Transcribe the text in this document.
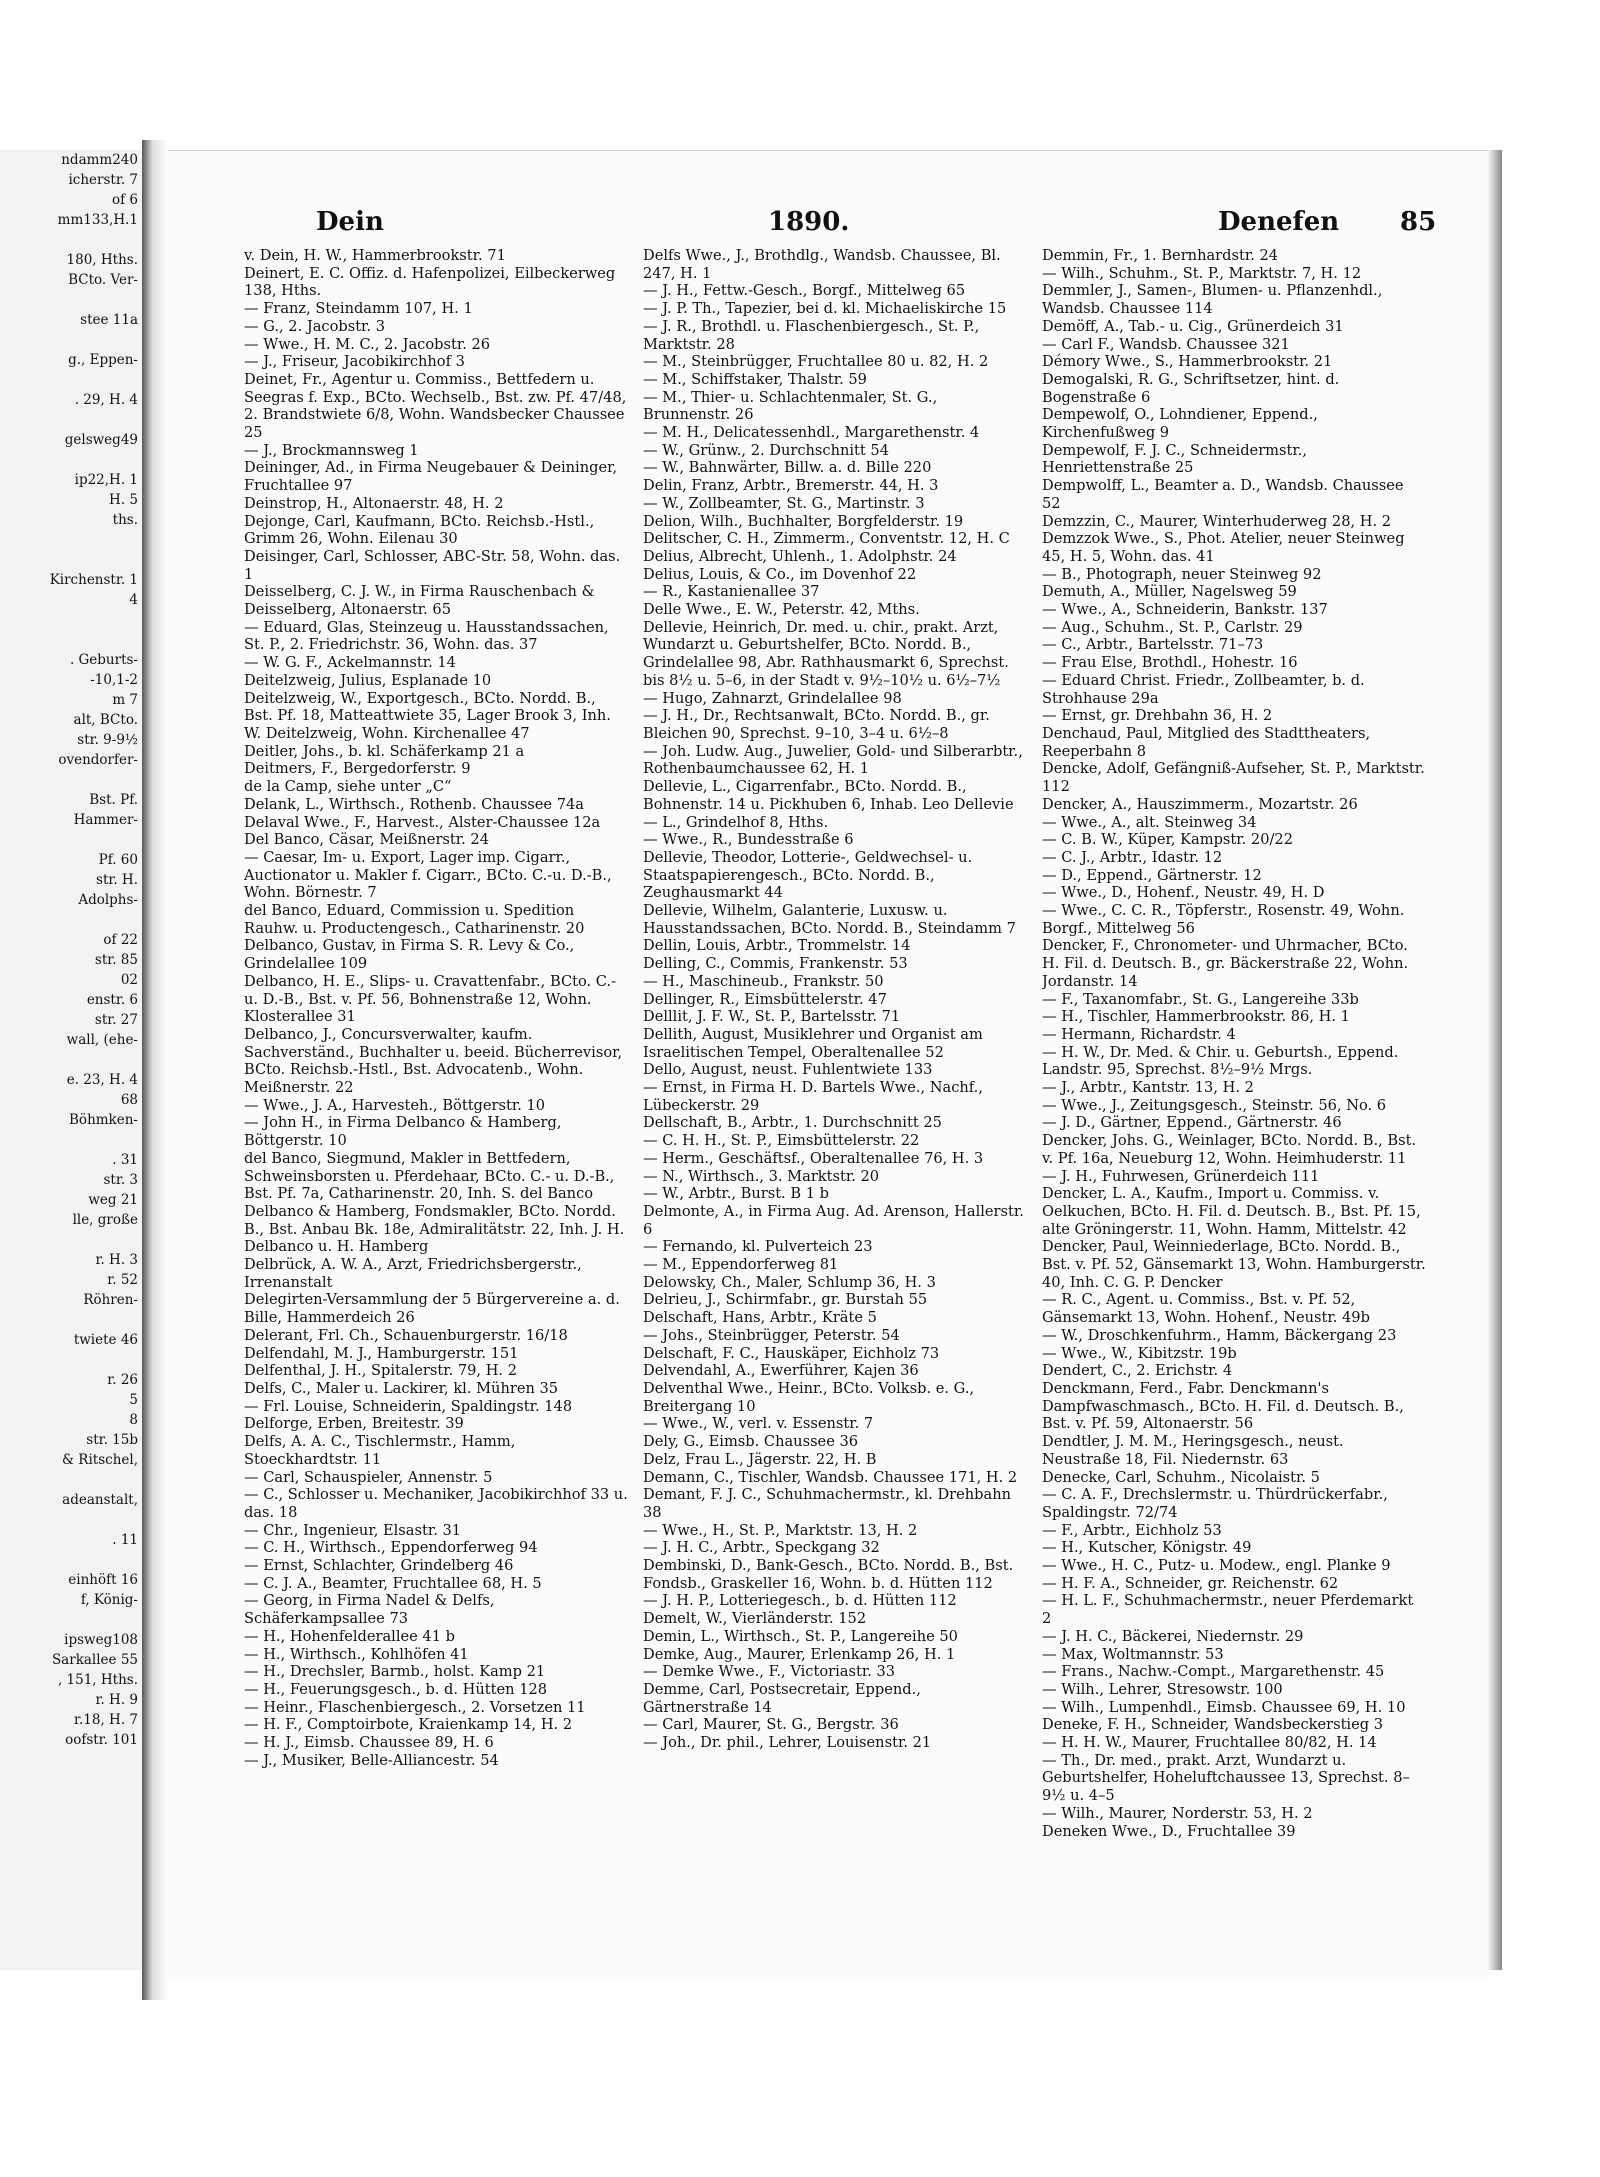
ndamm240
icherstr. 7
of 6
mm133,H.1
180, Hths.
BCto. Ver-
stee 11a
g., Eppen-
. 29, H. 4
gelsweg49
ip22,H. 1
H. 5
ths.
Kirchenstr. 1
4
. Geburts-
-10,1-2
m 7
alt, BCto.
str. 9-9½
ovendorfer-
Bst. Pf.
Hammer-
Pf. 60
str. H.
Adolphs-
of 22
str. 85
02
enstr. 6
str. 27
wall, (ehe-
e. 23, H. 4
68
Böhmken-
. 31
str. 3
weg 21
lle, große
r. H. 3
r. 52
Röhren-
twiete 46
r. 26
5
8
str. 15b
& Ritschel,
adeanstalt,
. 11
einhöft 16
f, König-
ipsweg108
Sarkallee 55
, 151, Hths.
r. H. 9
r.18, H. 7
oofstr. 101
Dein	1890.	Denefen 85

v. Dein, H. W., Hammerbrookstr. 71

Deinert, E. C. Offiz. d. Hafenpolizei, Eilbeckerweg 138, Hths.

— Franz, Steindamm 107, H. 1

— G., 2. Jacobstr. 3

— Wwe., H. M. C., 2. Jacobstr. 26

— J., Friseur, Jacobikirchhof 3

Deinet, Fr., Agentur u. Commiss., Bettfedern u. Seegras f. Exp., BCto. Wechselb., Bst. zw. Pf. 47/48, 2. Brandstwiete 6/8, Wohn. Wandsbecker Chaussee 25

— J., Brockmannsweg 1

Deininger, Ad., in Firma Neugebauer & Deininger, Fruchtallee 97

Deinstrop, H., Altonaerstr. 48, H. 2

Dejonge, Carl, Kaufmann, BCto. Reichsb.-Hstl., Grimm 26, Wohn. Eilenau 30

Deisinger, Carl, Schlosser, ABC-Str. 58, Wohn. das. 1

Deisselberg, C. J. W., in Firma Rauschenbach & Deisselberg, Altonaerstr. 65

— Eduard, Glas, Steinzeug u. Hausstandssachen, St. P., 2. Friedrichstr. 36, Wohn. das. 37

— W. G. F., Ackelmannstr. 14

Deitelzweig, Julius, Esplanade 10

Deitelzweig, W., Exportgesch., BCto. Nordd. B., Bst. Pf. 18, Matteattwiete 35, Lager Brook 3, Inh. W. Deitelzweig, Wohn. Kirchenallee 47

Deitler, Johs., b. kl. Schäferkamp 21 a

Deitmers, F., Bergedorferstr. 9

de la Camp, siehe unter „C“

Delank, L., Wirthsch., Rothenb. Chaussee 74a

Delaval Wwe., F., Harvest., Alster-Chaussee 12a

Del Banco, Cäsar, Meißnerstr. 24

— Caesar, Im- u. Export, Lager imp. Cigarr., Auctionator u. Makler f. Cigarr., BCto. C.-u. D.-B., Wohn. Börnestr. 7

del Banco, Eduard, Commission u. Spedition Rauhw. u. Productengesch., Catharinenstr. 20

Delbanco, Gustav, in Firma S. R. Levy & Co., Grindelallee 109

Delbanco, H. E., Slips- u. Cravattenfabr., BCto. C.-u. D.-B., Bst. v. Pf. 56, Bohnenstraße 12, Wohn. Klosterallee 31

Delbanco, J., Concursverwalter, kaufm. Sachverständ., Buchhalter u. beeid. Bücherrevisor, BCto. Reichsb.-Hstl., Bst. Advocatenb., Wohn. Meißnerstr. 22

— Wwe., J. A., Harvesteh., Böttgerstr. 10

— John H., in Firma Delbanco & Hamberg, Böttgerstr. 10

del Banco, Siegmund, Makler in Bettfedern, Schweinsborsten u. Pferdehaar, BCto. C.- u. D.-B., Bst. Pf. 7a, Catharinenstr. 20, Inh. S. del Banco

Delbanco & Hamberg, Fondsmakler, BCto. Nordd. B., Bst. Anbau Bk. 18e, Admiralitätstr. 22, Inh. J. H. Delbanco u. H. Hamberg

Delbrück, A. W. A., Arzt, Friedrichsbergerstr., Irrenanstalt

Delegirten-Versammlung der 5 Bürgervereine a. d. Bille, Hammerdeich 26

Delerant, Frl. Ch., Schauenburgerstr. 16/18

Delfendahl, M. J., Hamburgerstr. 151

Delfenthal, J. H., Spitalerstr. 79, H. 2

Delfs, C., Maler u. Lackirer, kl. Mühren 35

— Frl. Louise, Schneiderin, Spaldingstr. 148

Delforge, Erben, Breitestr. 39

Delfs, A. A. C., Tischlermstr., Hamm, Stoeckhardtstr. 11

— Carl, Schauspieler, Annenstr. 5

— C., Schlosser u. Mechaniker, Jacobikirchhof 33 u. das. 18

— Chr., Ingenieur, Elsastr. 31

— C. H., Wirthsch., Eppendorferweg 94

— Ernst, Schlachter, Grindelberg 46

— C. J. A., Beamter, Fruchtallee 68, H. 5

— Georg, in Firma Nadel & Delfs, Schäferkampsallee 73

— H., Hohenfelderallee 41 b

— H., Wirthsch., Kohlhöfen 41

— H., Drechsler, Barmb., holst. Kamp 21

— H., Feuerungsgesch., b. d. Hütten 128

— Heinr., Flaschenbiergesch., 2. Vorsetzen 11

— H. F., Comptoirbote, Kraienkamp 14, H. 2

— H. J., Eimsb. Chaussee 89, H. 6

— J., Musiker, Belle-Alliancestr. 54

Delfs Wwe., J., Brothdlg., Wandsb. Chaussee, Bl. 247, H. 1

— J. H., Fettw.-Gesch., Borgf., Mittelweg 65

— J. P. Th., Tapezier, bei d. kl. Michaeliskirche 15

— J. R., Brothdl. u. Flaschenbiergesch., St. P., Marktstr. 28

— M., Steinbrügger, Fruchtallee 80 u. 82, H. 2

— M., Schiffstaker, Thalstr. 59

— M., Thier- u. Schlachtenmaler, St. G., Brunnenstr. 26

— M. H., Delicatessenhdl., Margarethenstr. 4

— W., Grünw., 2. Durchschnitt 54

— W., Bahnwärter, Billw. a. d. Bille 220

Delin, Franz, Arbtr., Bremerstr. 44, H. 3

— W., Zollbeamter, St. G., Martinstr. 3

Delion, Wilh., Buchhalter, Borgfelderstr. 19

Delitscher, C. H., Zimmerm., Conventstr. 12, H. C

Delius, Albrecht, Uhlenh., 1. Adolphstr. 24

Delius, Louis, & Co., im Dovenhof 22

— R., Kastanienallee 37

Delle Wwe., E. W., Peterstr. 42, Mths.

Dellevie, Heinrich, Dr. med. u. chir., prakt. Arzt, Wundarzt u. Geburtshelfer, BCto. Nordd. B., Grindelallee 98, Abr. Rathhausmarkt 6, Sprechst. bis 8½ u. 5–6, in der Stadt v. 9½–10½ u. 6½–7½

— Hugo, Zahnarzt, Grindelallee 98

— J. H., Dr., Rechtsanwalt, BCto. Nordd. B., gr. Bleichen 90, Sprechst. 9–10, 3–4 u. 6½–8

— Joh. Ludw. Aug., Juwelier, Gold- und Silberarbtr., Rothenbaumchaussee 62, H. 1

Dellevie, L., Cigarrenfabr., BCto. Nordd. B., Bohnenstr. 14 u. Pickhuben 6, Inhab. Leo Dellevie

— L., Grindelhof 8, Hths.

— Wwe., R., Bundesstraße 6

Dellevie, Theodor, Lotterie-, Geldwechsel- u. Staatspapierengesch., BCto. Nordd. B., Zeughausmarkt 44

Dellevie, Wilhelm, Galanterie, Luxusw. u. Hausstandssachen, BCto. Nordd. B., Steindamm 7

Dellin, Louis, Arbtr., Trommelstr. 14

Delling, C., Commis, Frankenstr. 53

— H., Maschineub., Frankstr. 50

Dellinger, R., Eimsbüttelerstr. 47

Delllit, J. F. W., St. P., Bartelsstr. 71

Dellith, August, Musiklehrer und Organist am Israelitischen Tempel, Oberaltenallee 52

Dello, August, neust. Fuhlentwiete 133

— Ernst, in Firma H. D. Bartels Wwe., Nachf., Lübeckerstr. 29

Dellschaft, B., Arbtr., 1. Durchschnitt 25

— C. H. H., St. P., Eimsbüttelerstr. 22

— Herm., Geschäftsf., Oberaltenallee 76, H. 3

— N., Wirthsch., 3. Marktstr. 20

— W., Arbtr., Burst. B 1 b

Delmonte, A., in Firma Aug. Ad. Arenson, Hallerstr. 6

— Fernando, kl. Pulverteich 23

— M., Eppendorferweg 81

Delowsky, Ch., Maler, Schlump 36, H. 3

Delrieu, J., Schirmfabr., gr. Burstah 55

Delschaft, Hans, Arbtr., Kräte 5

— Johs., Steinbrügger, Peterstr. 54

Delschaft, F. C., Hauskäper, Eichholz 73

Delvendahl, A., Ewerführer, Kajen 36

Delventhal Wwe., Heinr., BCto. Volksb. e. G., Breitergang 10

— Wwe., W., verl. v. Essenstr. 7

Dely, G., Eimsb. Chaussee 36

Delz, Frau L., Jägerstr. 22, H. B

Demann, C., Tischler, Wandsb. Chaussee 171, H. 2

Demant, F. J. C., Schuhmachermstr., kl. Drehbahn 38

— Wwe., H., St. P., Marktstr. 13, H. 2

— J. H. C., Arbtr., Speckgang 32

Dembinski, D., Bank-Gesch., BCto. Nordd. B., Bst. Fondsb., Graskeller 16, Wohn. b. d. Hütten 112

— J. H. P., Lotteriegesch., b. d. Hütten 112

Demelt, W., Vierländerstr. 152

Demin, L., Wirthsch., St. P., Langereihe 50

Demke, Aug., Maurer, Erlenkamp 26, H. 1

— Demke Wwe., F., Victoriastr. 33

Demme, Carl, Postsecretair, Eppend., Gärtnerstraße 14

— Carl, Maurer, St. G., Bergstr. 36

— Joh., Dr. phil., Lehrer, Louisenstr. 21

Demmin, Fr., 1. Bernhardstr. 24

— Wilh., Schuhm., St. P., Marktstr. 7, H. 12

Demmler, J., Samen-, Blumen- u. Pflanzenhdl., Wandsb. Chaussee 114

Demöff, A., Tab.- u. Cig., Grünerdeich 31

— Carl F., Wandsb. Chaussee 321

Démory Wwe., S., Hammerbrookstr. 21

Demogalski, R. G., Schriftsetzer, hint. d. Bogenstraße 6

Dempewolf, O., Lohndiener, Eppend., Kirchenfußweg 9

Dempewolf, F. J. C., Schneidermstr., Henriettenstraße 25

Dempwolff, L., Beamter a. D., Wandsb. Chaussee 52

Demzzin, C., Maurer, Winterhuderweg 28, H. 2

Demzzok Wwe., S., Phot. Atelier, neuer Steinweg 45, H. 5, Wohn. das. 41

— B., Photograph, neuer Steinweg 92

Demuth, A., Müller, Nagelsweg 59

— Wwe., A., Schneiderin, Bankstr. 137

— Aug., Schuhm., St. P., Carlstr. 29

— C., Arbtr., Bartelsstr. 71–73

— Frau Else, Brothdl., Hohestr. 16

— Eduard Christ. Friedr., Zollbeamter, b. d. Strohhause 29a

— Ernst, gr. Drehbahn 36, H. 2

Denchaud, Paul, Mitglied des Stadttheaters, Reeperbahn 8

Dencke, Adolf, Gefängniß-Aufseher, St. P., Marktstr. 112

Dencker, A., Hauszimmerm., Mozartstr. 26

— Wwe., A., alt. Steinweg 34

— C. B. W., Küper, Kampstr. 20/22

— C. J., Arbtr., Idastr. 12

— D., Eppend., Gärtnerstr. 12

— Wwe., D., Hohenf., Neustr. 49, H. D

— Wwe., C. C. R., Töpferstr., Rosenstr. 49, Wohn. Borgf., Mittelweg 56

Dencker, F., Chronometer- und Uhrmacher, BCto. H. Fil. d. Deutsch. B., gr. Bäckerstraße 22, Wohn. Jordanstr. 14

— F., Taxanomfabr., St. G., Langereihe 33b

— H., Tischler, Hammerbrookstr. 86, H. 1

— Hermann, Richardstr. 4

— H. W., Dr. Med. & Chir. u. Geburtsh., Eppend. Landstr. 95, Sprechst. 8½–9½ Mrgs.

— J., Arbtr., Kantstr. 13, H. 2

— Wwe., J., Zeitungsgesch., Steinstr. 56, No. 6

— J. D., Gärtner, Eppend., Gärtnerstr. 46

Dencker, Johs. G., Weinlager, BCto. Nordd. B., Bst. v. Pf. 16a, Neueburg 12, Wohn. Heimhuderstr. 11

— J. H., Fuhrwesen, Grünerdeich 111

Dencker, L. A., Kaufm., Import u. Commiss. v. Oelkuchen, BCto. H. Fil. d. Deutsch. B., Bst. Pf. 15, alte Gröningerstr. 11, Wohn. Hamm, Mittelstr. 42

Dencker, Paul, Weinniederlage, BCto. Nordd. B., Bst. v. Pf. 52, Gänsemarkt 13, Wohn. Hamburgerstr. 40, Inh. C. G. P. Dencker

— R. C., Agent. u. Commiss., Bst. v. Pf. 52, Gänsemarkt 13, Wohn. Hohenf., Neustr. 49b

— W., Droschkenfuhrm., Hamm, Bäckergang 23

— Wwe., W., Kibitzstr. 19b

Dendert, C., 2. Erichstr. 4

Denckmann, Ferd., Fabr. Denckmann's Dampfwaschmasch., BCto. H. Fil. d. Deutsch. B., Bst. v. Pf. 59, Altonaerstr. 56

Dendtler, J. M. M., Heringsgesch., neust. Neustraße 18, Fil. Niedernstr. 63

Denecke, Carl, Schuhm., Nicolaistr. 5

— C. A. F., Drechslermstr. u. Thürdrückerfabr., Spaldingstr. 72/74

— F., Arbtr., Eichholz 53

— H., Kutscher, Königstr. 49

— Wwe., H. C., Putz- u. Modew., engl. Planke 9

— H. F. A., Schneider, gr. Reichenstr. 62

— H. L. F., Schuhmachermstr., neuer Pferdemarkt 2

— J. H. C., Bäckerei, Niedernstr. 29

— Max, Woltmannstr. 53

— Frans., Nachw.-Compt., Margarethenstr. 45

— Wilh., Lehrer, Stresowstr. 100

— Wilh., Lumpenhdl., Eimsb. Chaussee 69, H. 10

Deneke, F. H., Schneider, Wandsbeckerstieg 3

— H. H. W., Maurer, Fruchtallee 80/82, H. 14

— Th., Dr. med., prakt. Arzt, Wundarzt u. Geburtshelfer, Hoheluftchaussee 13, Sprechst. 8–9½ u. 4–5

— Wilh., Maurer, Norderstr. 53, H. 2

Deneken Wwe., D., Fruchtallee 39
